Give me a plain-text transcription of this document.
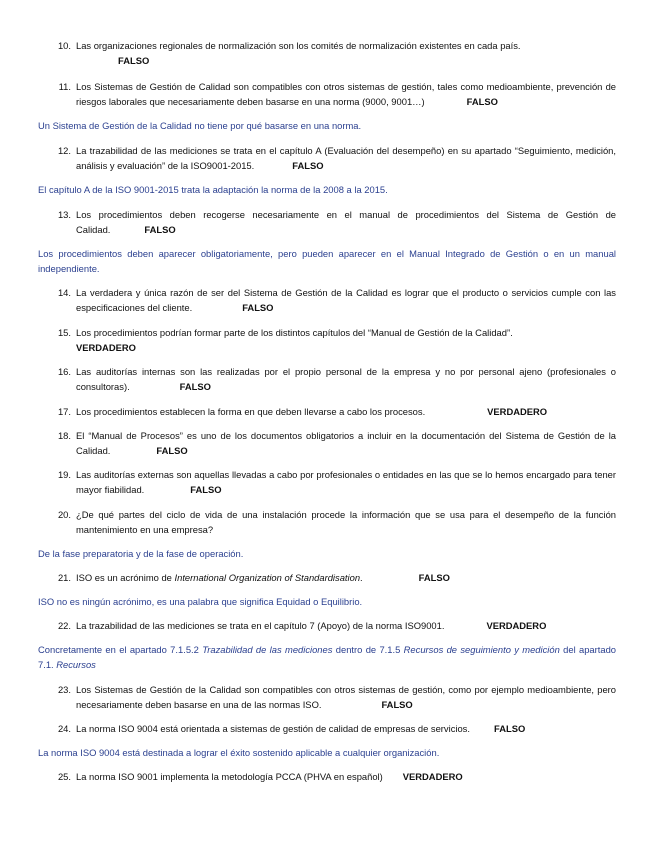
10. Las organizaciones regionales de normalización son los comités de normalización existentes en cada país.
FALSO
11. Los Sistemas de Gestión de Calidad son compatibles con otros sistemas de gestión, tales como medioambiente, prevención de riesgos laborales que necesariamente deben basarse en una norma (9000, 9001…)	FALSO
Un Sistema de Gestión de la Calidad no tiene por qué basarse en una norma.
12. La trazabilidad de las mediciones se trata en el capítulo A (Evaluación del desempeño) en su apartado “Seguimiento, medición, análisis y evaluación” de la ISO9001-2015.	FALSO
El capítulo A de la ISO 9001-2015 trata la adaptación la norma de la 2008 a la 2015.
13. Los procedimientos deben recogerse necesariamente en el manual de procedimientos del Sistema de Gestión de Calidad.	FALSO
Los procedimientos deben aparecer obligatoriamente, pero pueden aparecer en el Manual Integrado de Gestión o en un manual independiente.
14. La verdadera y única razón de ser del Sistema de Gestión de la Calidad es lograr que el producto o servicios cumple con las especificaciones del cliente.	FALSO
15. Los procedimientos podrían formar parte de los distintos capítulos del “Manual de Gestión de la Calidad”.
VERDADERO
16. Las auditorías internas son las realizadas por el propio personal de la empresa y no por personal ajeno (profesionales o consultoras).	FALSO
17. Los procedimientos establecen la forma en que deben llevarse a cabo los procesos.	VERDADERO
18. El “Manual de Procesos” es uno de los documentos obligatorios a incluir en la documentación del Sistema de Gestión de la Calidad.	FALSO
19. Las auditorías externas son aquellas llevadas a cabo por profesionales o entidades en las que se lo hemos encargado para tener mayor fiabilidad.	FALSO
20. ¿De qué partes del ciclo de vida de una instalación procede la información que se usa para el desempeño de la función mantenimiento en una empresa?
De la fase preparatoria y de la fase de operación.
21. ISO es un acrónimo de International Organization of Standardisation.	FALSO
ISO no es ningún acrónimo, es una palabra que significa Equidad o Equilibrio.
22. La trazabilidad de las mediciones se trata en el capítulo 7 (Apoyo) de la norma ISO9001.	VERDADERO
Concretamente en el apartado 7.1.5.2 Trazabilidad de las mediciones dentro de 7.1.5 Recursos de seguimiento y medición del apartado 7.1. Recursos
23. Los Sistemas de Gestión de la Calidad son compatibles con otros sistemas de gestión, como por ejemplo medioambiente, pero necesariamente deben basarse en una de las normas ISO.	FALSO
24. La norma ISO 9004 está orientada a sistemas de gestión de calidad de empresas de servicios.	FALSO
La norma ISO 9004 está destinada a lograr el éxito sostenido aplicable a cualquier organización.
25. La norma ISO 9001 implementa la metodología PCCA (PHVA en español) VERDADERO
